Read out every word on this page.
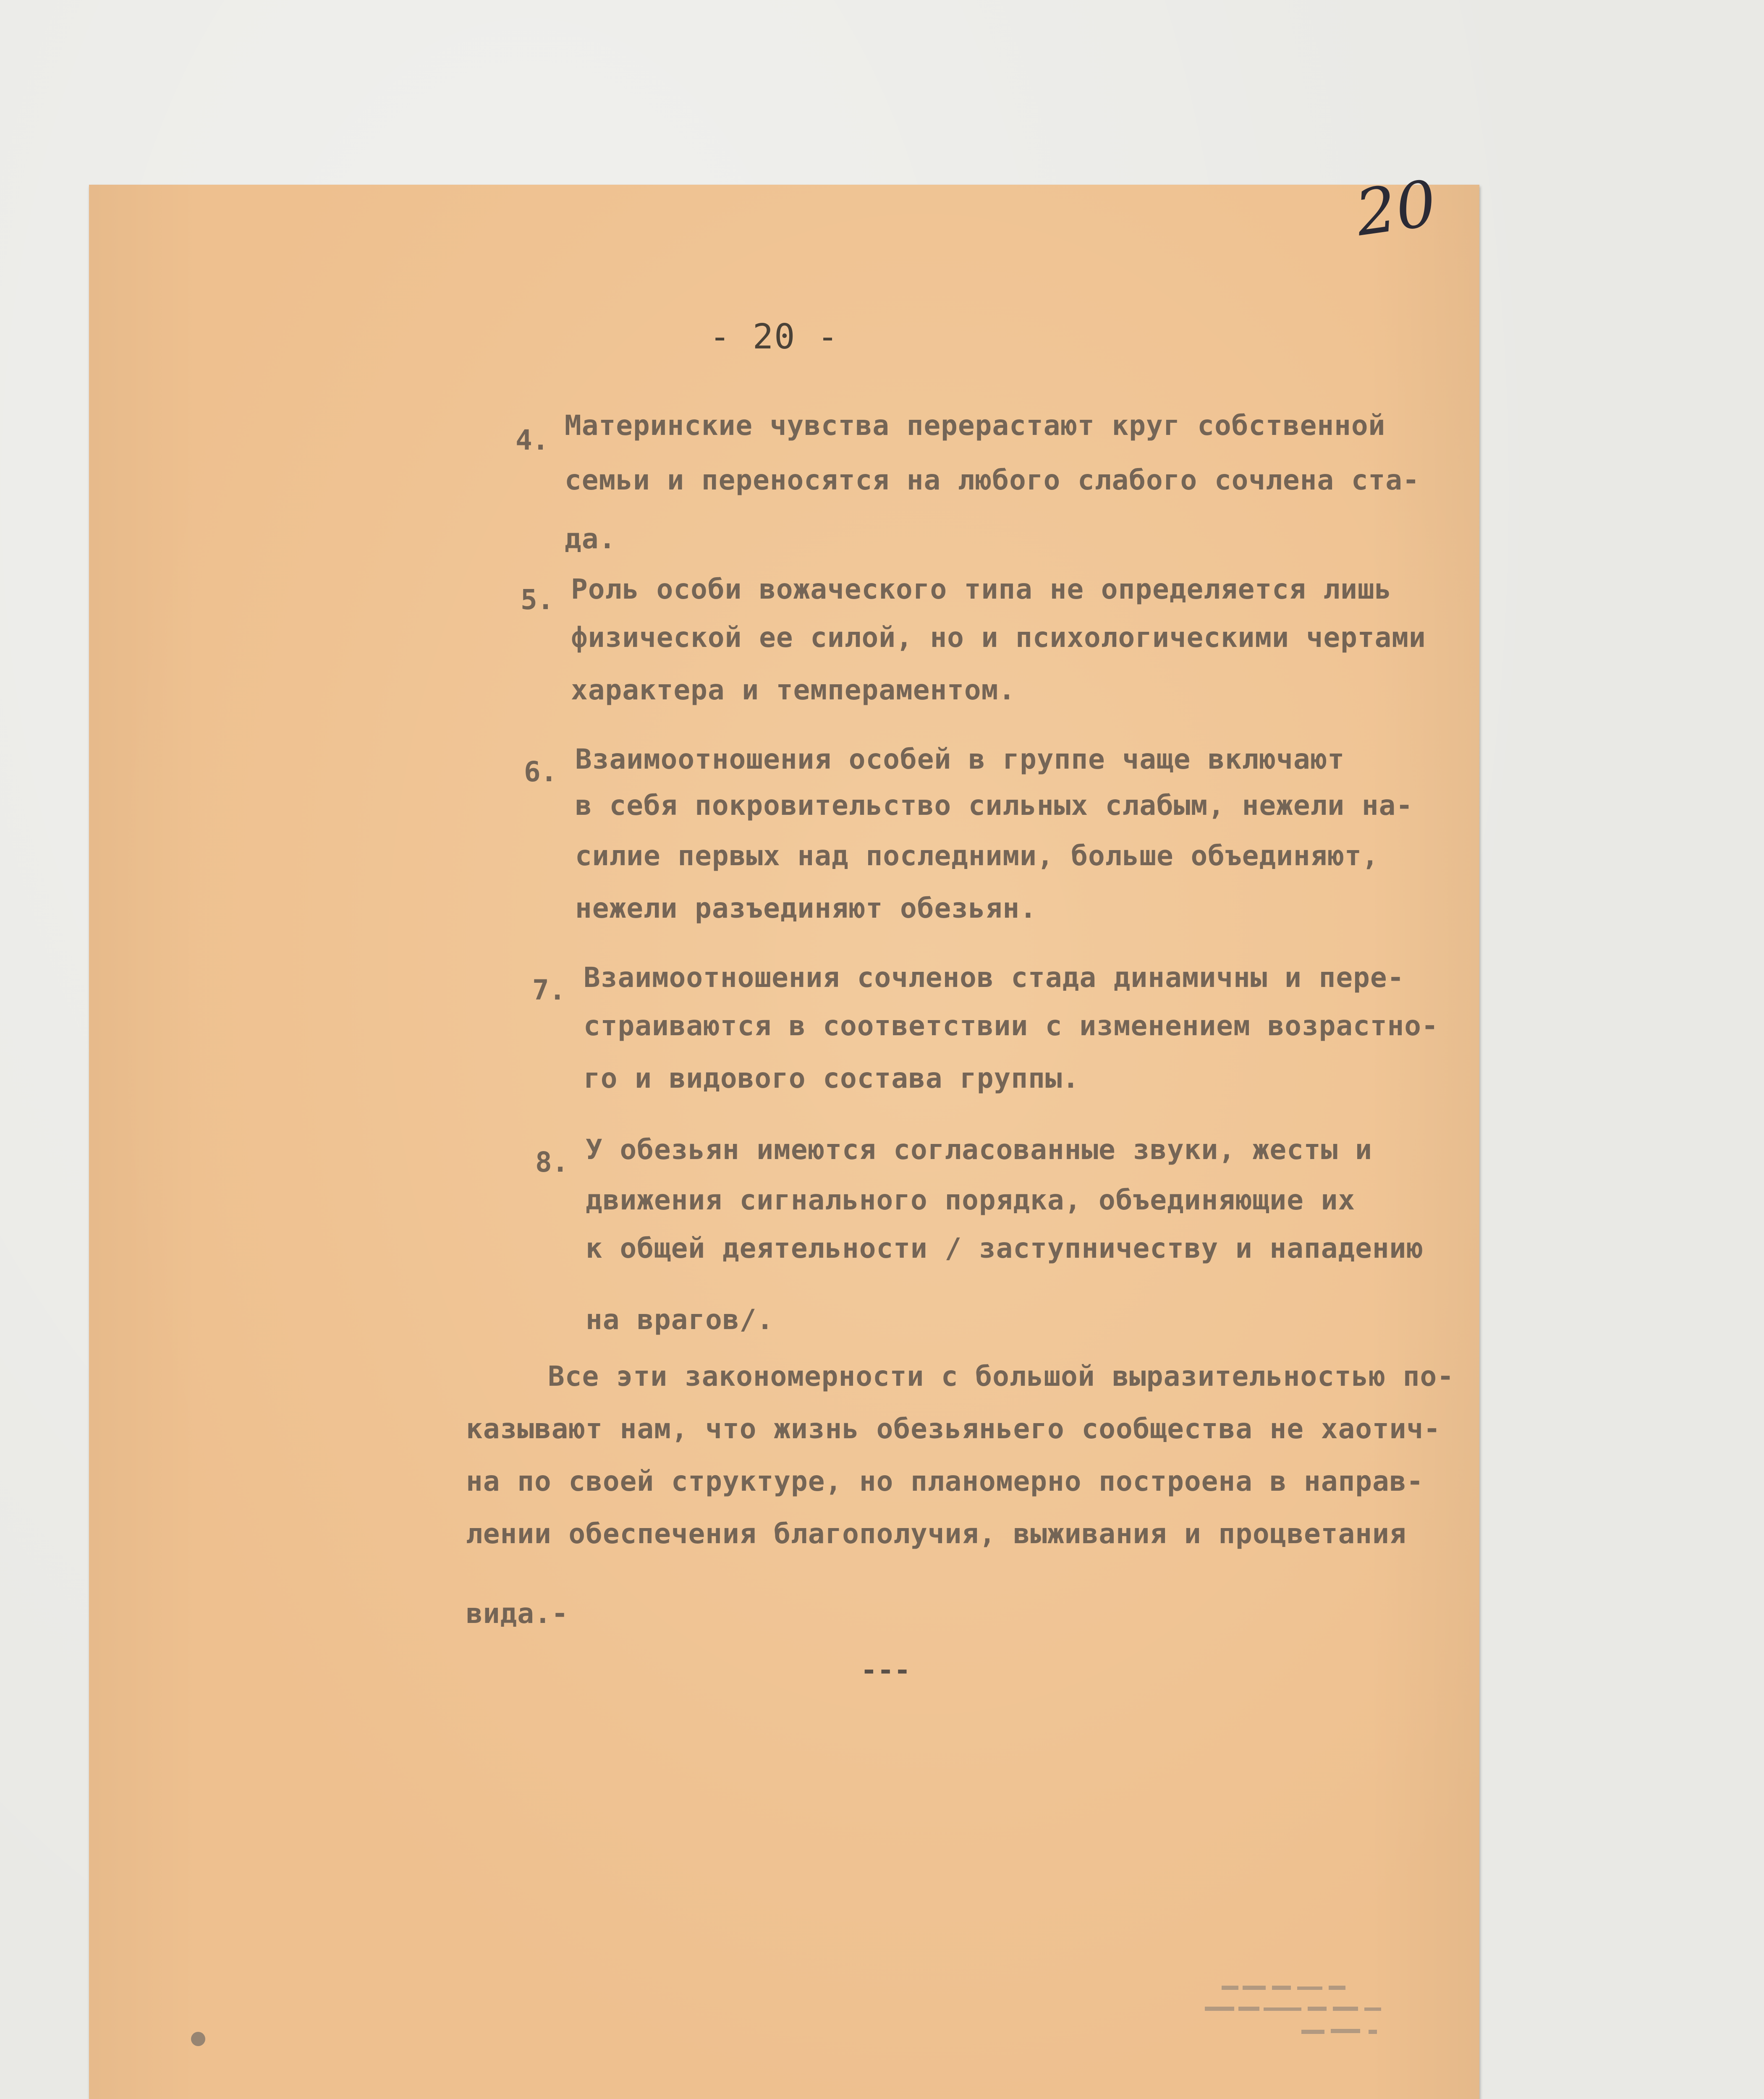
20
- 20 -
4. Материнские чувства перерастают круг собственной
семьи и переносятся на любого слабого сочлена ста-
да.
5. Роль особи вожаческого типа не определяется лишь
физической ее силой, но и психологическими чертами
характера и темпераментом.
6. Взаимоотношения особей в группе чаще включают
в себя покровительство сильных слабым, нежели на-
силие первых над последними, больше объединяют,
нежели разъединяют обезьян.
7. Взаимоотношения сочленов стада динамичны и пере-
страиваются в соответствии с изменением возрастно-
го и видового состава группы.
8. У обезьян имеются согласованные звуки, жесты и
движения сигнального порядка, объединяющие их
к общей деятельности / заступничеству и нападению
на врагов/.
Все эти закономерности с большой выразительностью по-
казывают нам, что жизнь обезьяньего сообщества не хаотич-
на по своей структуре, но планомерно построена в направ-
лении обеспечения благополучия, выживания и процветания
вида.-
---
